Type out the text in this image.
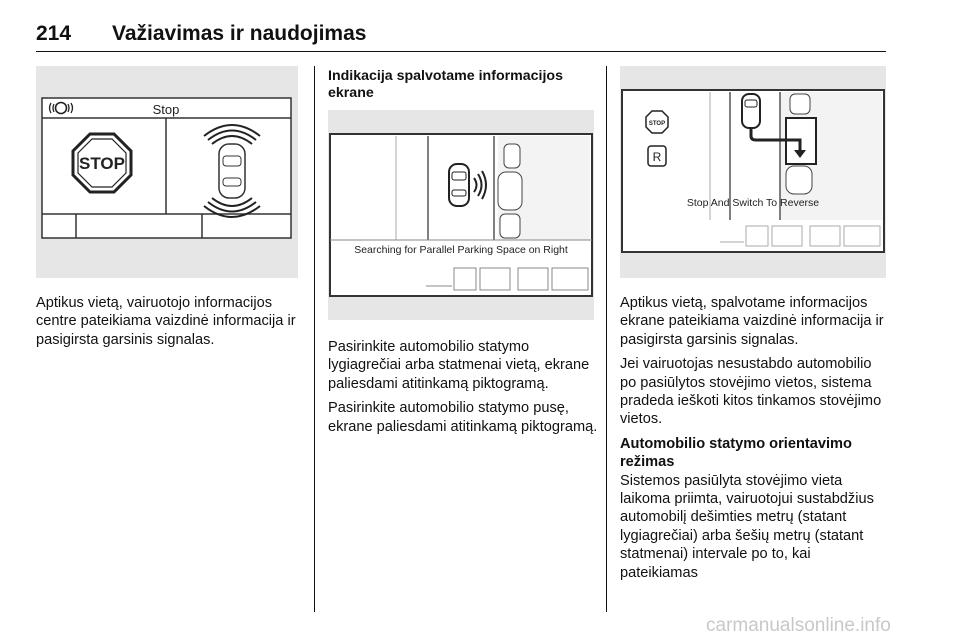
214 Važiavimas ir naudojimas
Stop
STOP

Aptikus vietą, vairuotojo informacijos centre pateikiama vaizdinė informacija ir pasigirsta garsinis signalas.

Indikacija spalvotame informacijos ekrane
Searching for Parallel Parking Space on Right

Pasirinkite automobilio statymo lygiagrečiai arba statmenai vietą, ekrane paliesdami atitinkamą piktogramą.

Pasirinkite automobilio statymo pusę, ekrane paliesdami atitinkamą piktogramą.

STOP
R
Stop And Switch To Reverse

Aptikus vietą, spalvotame informacijos ekrane pateikiama vaizdinė informacija ir pasigirsta garsinis signalas.

Jei vairuotojas nesustabdo automobilio po pasiūlytos stovėjimo vietos, sistema pradeda ieškoti kitos tinkamos stovėjimo vietos.

Automobilio statymo orientavimo režimas

Sistemos pasiūlyta stovėjimo vieta laikoma priimta, vairuotojui sustabdžius automobilį dešimties metrų (statant lygiagrečiai) arba šešių metrų (statant statmenai) intervale po to, kai pateikiamas

carmanualsonline.info
